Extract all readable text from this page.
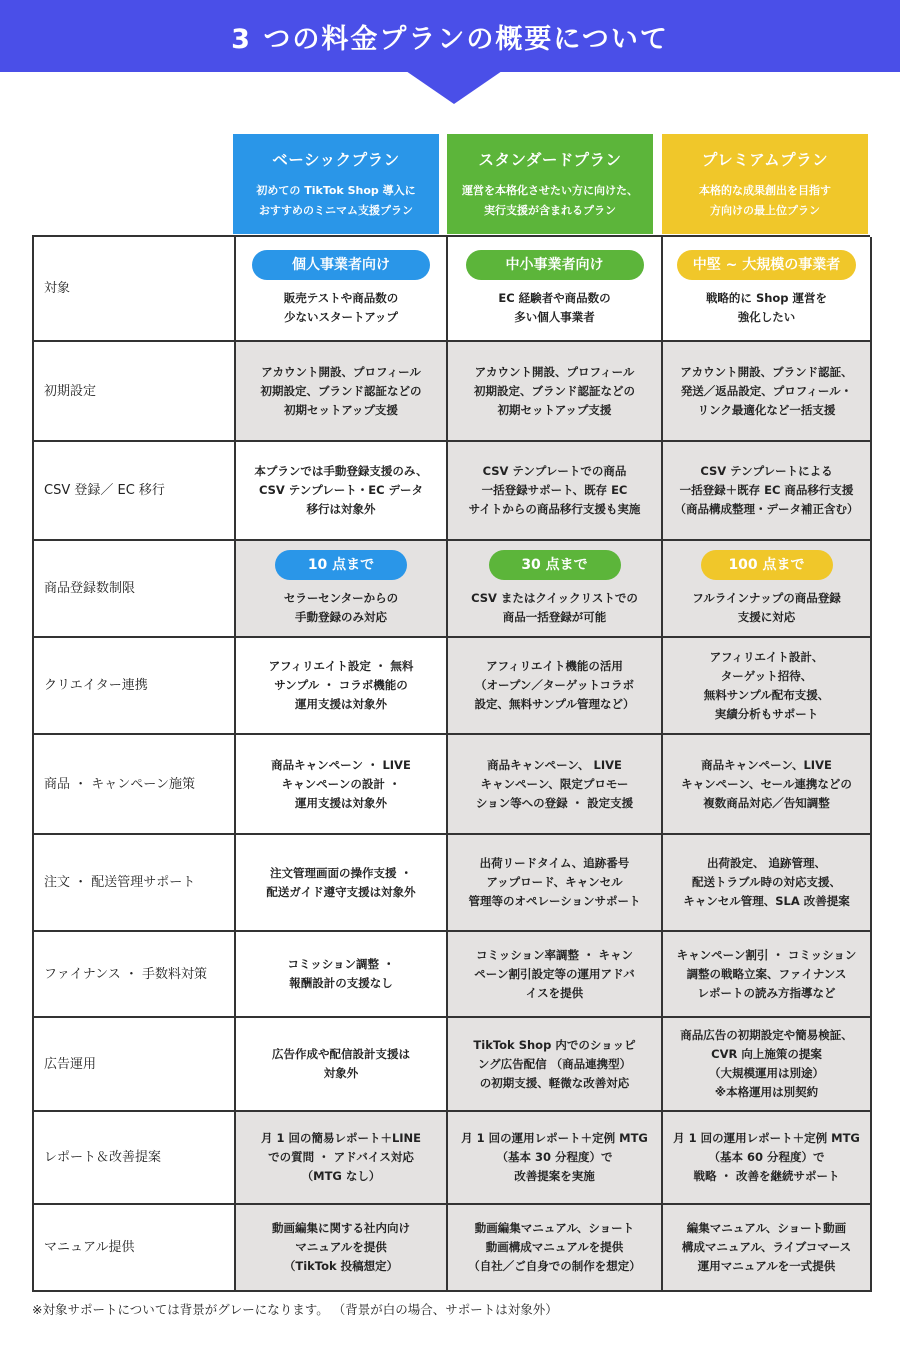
3 つの料金プランの概要について
ベーシックプラン
初めての TikTok Shop 導入に
おすすめのミニマム支援プラン
スタンダードプラン
運営を本格化させたい方に向けた、
実行支援が含まれるプラン
プレミアムプラン
本格的な成果創出を目指す
方向けの最上位プラン
対象
個人事業者向け
販売テストや商品数の
少ないスタートアップ
中小事業者向け
EC 経験者や商品数の
多い個人事業者
中堅 ~ 大規模の事業者
戦略的に Shop 運営を
強化したい
初期設定
アカウント開設、プロフィール
初期設定、ブランド認証などの
初期セットアップ支援
アカウント開設、プロフィール
初期設定、ブランド認証などの
初期セットアップ支援
アカウント開設、ブランド認証、
発送／返品設定、プロフィール・
リンク最適化など一括支援
CSV 登録／ EC 移行
本プランでは手動登録支援のみ、
CSV テンプレート・EC データ
移行は対象外
CSV テンプレートでの商品
一括登録サポート、既存 EC
サイトからの商品移行支援も実施
CSV テンプレートによる
一括登録＋既存 EC 商品移行支援
（商品構成整理・データ補正含む）
商品登録数制限
10 点まで
セラーセンターからの
手動登録のみ対応
30 点まで
CSV またはクイックリストでの
商品一括登録が可能
100 点まで
フルラインナップの商品登録
支援に対応
クリエイター連携
アフィリエイト設定 ・ 無料
サンプル ・ コラボ機能の
運用支援は対象外
アフィリエイト機能の活用
（オープン／ターゲットコラボ
設定、無料サンプル管理など）
アフィリエイト設計、
ターゲット招待、
無料サンプル配布支援、
実績分析もサポート
商品 ・ キャンペーン施策
商品キャンペーン ・ LIVE
キャンペーンの設計 ・
運用支援は対象外
商品キャンペーン、 LIVE
キャンペーン、限定プロモー
ション等への登録 ・ 設定支援
商品キャンペーン、LIVE
キャンペーン、セール連携などの
複数商品対応／告知調整
注文 ・ 配送管理サポート
注文管理画面の操作支援 ・
配送ガイド遵守支援は対象外
出荷リードタイム、追跡番号
アップロード、キャンセル
管理等のオペレーションサポート
出荷設定、 追跡管理、
配送トラブル時の対応支援、
キャンセル管理、SLA 改善提案
ファイナンス ・ 手数料対策
コミッション調整 ・
報酬設計の支援なし
コミッション率調整 ・ キャン
ペーン割引設定等の運用アドバ
イスを提供
キャンペーン割引 ・ コミッション
調整の戦略立案、ファイナンス
レポートの読み方指導など
広告運用
広告作成や配信設計支援は
対象外
TikTok Shop 内でのショッピ
ング広告配信 （商品連携型）
の初期支援、軽微な改善対応
商品広告の初期設定や簡易検証、
CVR 向上施策の提案
（大規模運用は別途）
※本格運用は別契約
レポート＆改善提案
月 1 回の簡易レポート＋LINE
での質問 ・ アドバイス対応
（MTG なし）
月 1 回の運用レポート＋定例 MTG
（基本 30 分程度）で
改善提案を実施
月 1 回の運用レポート＋定例 MTG
（基本 60 分程度）で
戦略 ・ 改善を継続サポート
マニュアル提供
動画編集に関する社内向け
マニュアルを提供
（TikTok 投稿想定）
動画編集マニュアル、ショート
動画構成マニュアルを提供
（自社／ご自身での制作を想定）
編集マニュアル、ショート動画
構成マニュアル、ライブコマース
運用マニュアルを一式提供
※対象サポートについては背景がグレーになります。 （背景が白の場合、サポートは対象外）
